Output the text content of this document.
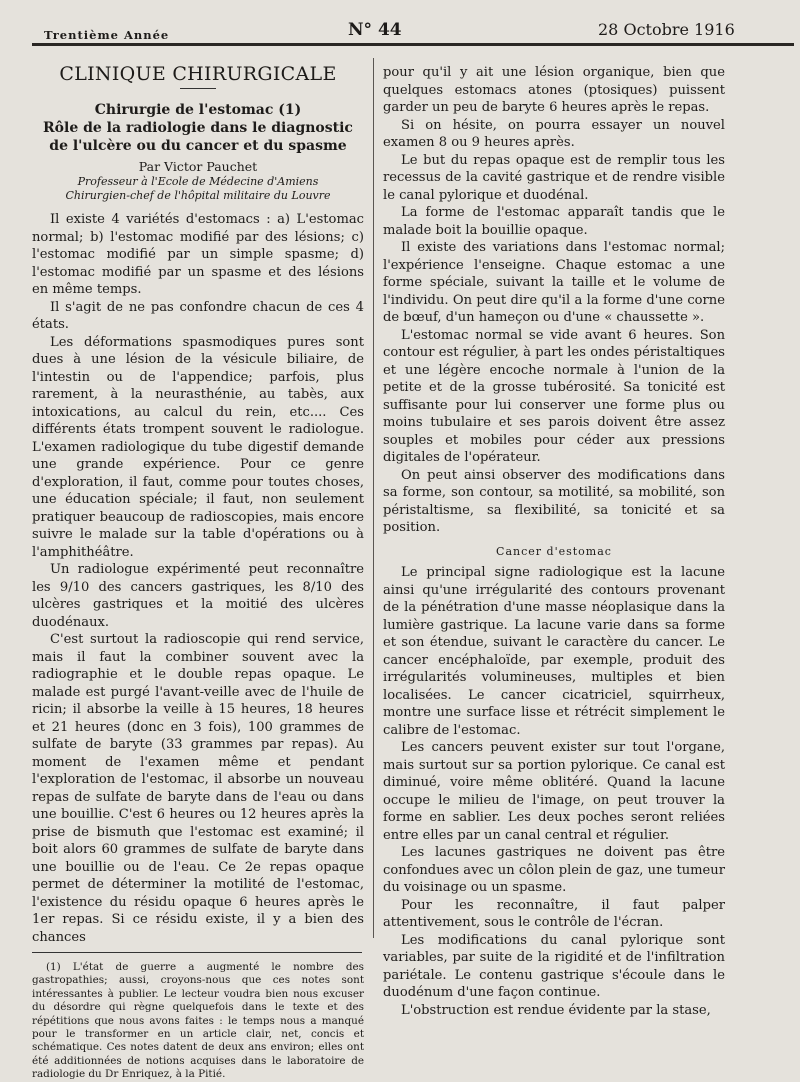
Trentième Année	N° 44	28 Octobre 1916
CLINIQUE CHIRURGICALE
Chirurgie de l'estomac (1)
Rôle de la radiologie dans le diagnostic
de l'ulcère ou du cancer et du spasme
Par Victor Pauchet
Professeur à l'Ecole de Médecine d'Amiens
Chirurgien-chef de l'hôpital militaire du Louvre

Il existe 4 variétés d'estomacs : a) L'estomac normal; b) l'estomac modifié par des lésions; c) l'estomac modifié par un simple spasme; d) l'estomac modifié par un spasme et des lésions en même temps.

Il s'agit de ne pas confondre chacun de ces 4 états.

Les déformations spasmodiques pures sont dues à une lésion de la vésicule biliaire, de l'intestin ou de l'appendice; parfois, plus rarement, à la neurasthénie, au tabès, aux intoxications, au calcul du rein, etc.... Ces différents états trompent souvent le radiologue. L'examen radiologique du tube digestif demande une grande expérience. Pour ce genre d'exploration, il faut, comme pour toutes choses, une éducation spéciale; il faut, non seulement pratiquer beaucoup de radioscopies, mais encore suivre le malade sur la table d'opérations ou à l'amphithéâtre.

Un radiologue expérimenté peut reconnaître les 9/10 des cancers gastriques, les 8/10 des ulcères gastriques et la moitié des ulcères duodénaux.

C'est surtout la radioscopie qui rend service, mais il faut la combiner souvent avec la radiographie et le double repas opaque. Le malade est purgé l'avant-veille avec de l'huile de ricin; il absorbe la veille à 15 heures, 18 heures et 21 heures (donc en 3 fois), 100 grammes de sulfate de baryte (33 grammes par repas). Au moment de l'examen même et pendant l'exploration de l'estomac, il absorbe un nouveau repas de sulfate de baryte dans de l'eau ou dans une bouillie. C'est 6 heures ou 12 heures après la prise de bismuth que l'estomac est examiné; il boit alors 60 grammes de sulfate de baryte dans une bouillie ou de l'eau. Ce 2e repas opaque permet de déterminer la motilité de l'estomac, l'existence du résidu opaque 6 heures après le 1er repas. Si ce résidu existe, il y a bien des chances

(1) L'état de guerre a augmenté le nombre des gastropathies; aussi, croyons-nous que ces notes sont intéressantes à publier. Le lecteur voudra bien nous excuser du désordre qui règne quelquefois dans le texte et des répétitions que nous avons faites : le temps nous a manqué pour le transformer en un article clair, net, concis et schématique. Ces notes datent de deux ans environ; elles ont été additionnées de notions acquises dans le laboratoire de radiologie du Dr Enriquez, à la Pitié.

pour qu'il y ait une lésion organique, bien que quelques estomacs atones (ptosiques) puissent garder un peu de baryte 6 heures après le repas.

Si on hésite, on pourra essayer un nouvel examen 8 ou 9 heures après.

Le but du repas opaque est de remplir tous les recessus de la cavité gastrique et de rendre visible le canal pylorique et duodénal.

La forme de l'estomac apparaît tandis que le malade boit la bouillie opaque.

Il existe des variations dans l'estomac normal; l'expérience l'enseigne. Chaque estomac a une forme spéciale, suivant la taille et le volume de l'individu. On peut dire qu'il a la forme d'une corne de bœuf, d'un hameçon ou d'une « chaussette ».

L'estomac normal se vide avant 6 heures. Son contour est régulier, à part les ondes péristaltiques et une légère encoche normale à l'union de la petite et de la grosse tubérosité. Sa tonicité est suffisante pour lui conserver une forme plus ou moins tubulaire et ses parois doivent être assez souples et mobiles pour céder aux pressions digitales de l'opérateur.

On peut ainsi observer des modifications dans sa forme, son contour, sa motilité, sa mobilité, son péristaltisme, sa flexibilité, sa tonicité et sa position.

Cancer d'estomac

Le principal signe radiologique est la lacune ainsi qu'une irrégularité des contours provenant de la pénétration d'une masse néoplasique dans la lumière gastrique. La lacune varie dans sa forme et son étendue, suivant le caractère du cancer. Le cancer encéphaloïde, par exemple, produit des irrégularités volumineuses, multiples et bien localisées. Le cancer cicatriciel, squirrheux, montre une surface lisse et rétrécit simplement le calibre de l'estomac.

Les cancers peuvent exister sur tout l'organe, mais surtout sur sa portion pylorique. Ce canal est diminué, voire même oblitéré. Quand la lacune occupe le milieu de l'image, on peut trouver la forme en sablier. Les deux poches seront reliées entre elles par un canal central et régulier.

Les lacunes gastriques ne doivent pas être confondues avec un côlon plein de gaz, une tumeur du voisinage ou un spasme.

Pour les reconnaître, il faut palper attentivement, sous le contrôle de l'écran.

Les modifications du canal pylorique sont variables, par suite de la rigidité et de l'infiltration pariétale. Le contenu gastrique s'écoule dans le duodénum d'une façon continue.

L'obstruction est rendue évidente par la stase,
